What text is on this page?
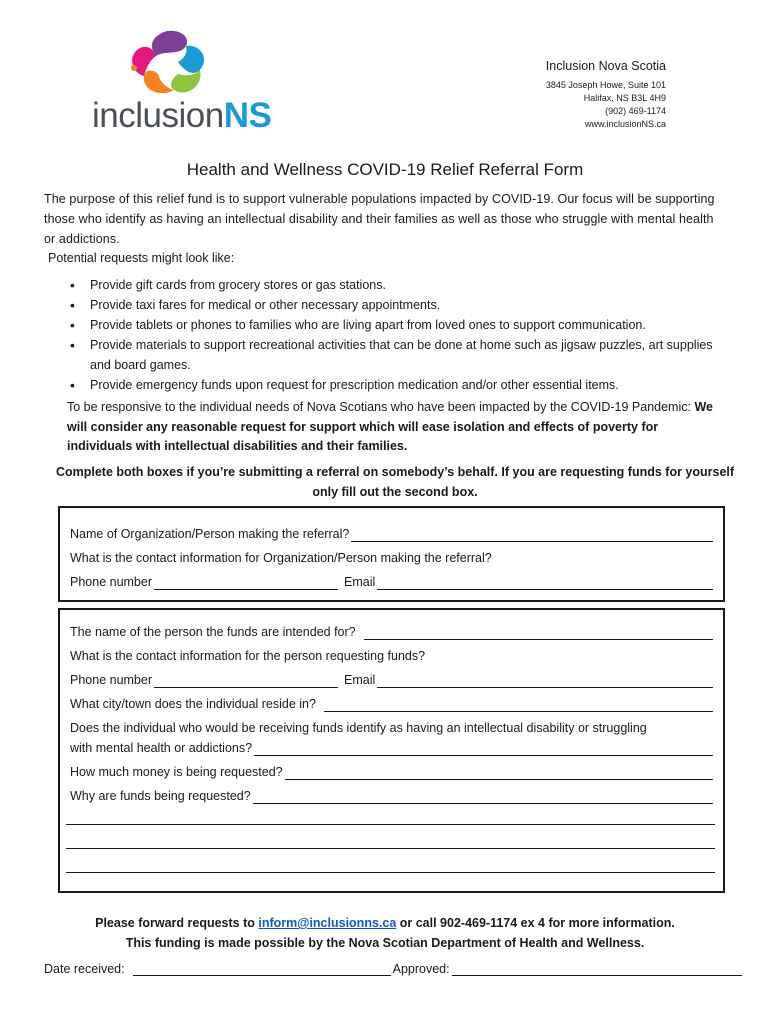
inclusionNS
Inclusion Nova Scotia
3845 Joseph Howe, Suite 101
Halifax, NS B3L 4H9
(902) 469-1174
www.inclusionNS.ca
Health and Wellness COVID-19 Relief Referral Form
The purpose of this relief fund is to support vulnerable populations impacted by COVID-19. Our focus will be supporting those who identify as having an intellectual disability and their families as well as those who struggle with mental health or addictions.
Potential requests might look like:
• Provide gift cards from grocery stores or gas stations.
• Provide taxi fares for medical or other necessary appointments.
• Provide tablets or phones to families who are living apart from loved ones to support communication.
• Provide materials to support recreational activities that can be done at home such as jigsaw puzzles, art supplies and board games.
• Provide emergency funds upon request for prescription medication and/or other essential items.
To be responsive to the individual needs of Nova Scotians who have been impacted by the COVID-19 Pandemic: We will consider any reasonable request for support which will ease isolation and effects of poverty for individuals with intellectual disabilities and their families.
Complete both boxes if you’re submitting a referral on somebody’s behalf. If you are requesting funds for yourself only fill out the second box.
Name of Organization/Person making the referral?
What is the contact information for Organization/Person making the referral?
Phone number	Email
The name of the person the funds are intended for?
What is the contact information for the person requesting funds?
Phone number	Email
What city/town does the individual reside in?
Does the individual who would be receiving funds identify as having an intellectual disability or struggling
with mental health or addictions?
How much money is being requested?
Why are funds being requested?
Please forward requests to inform@inclusionns.ca or call 902-469-1174 ex 4 for more information.
This funding is made possible by the Nova Scotian Department of Health and Wellness.
Date received:	Approved:
